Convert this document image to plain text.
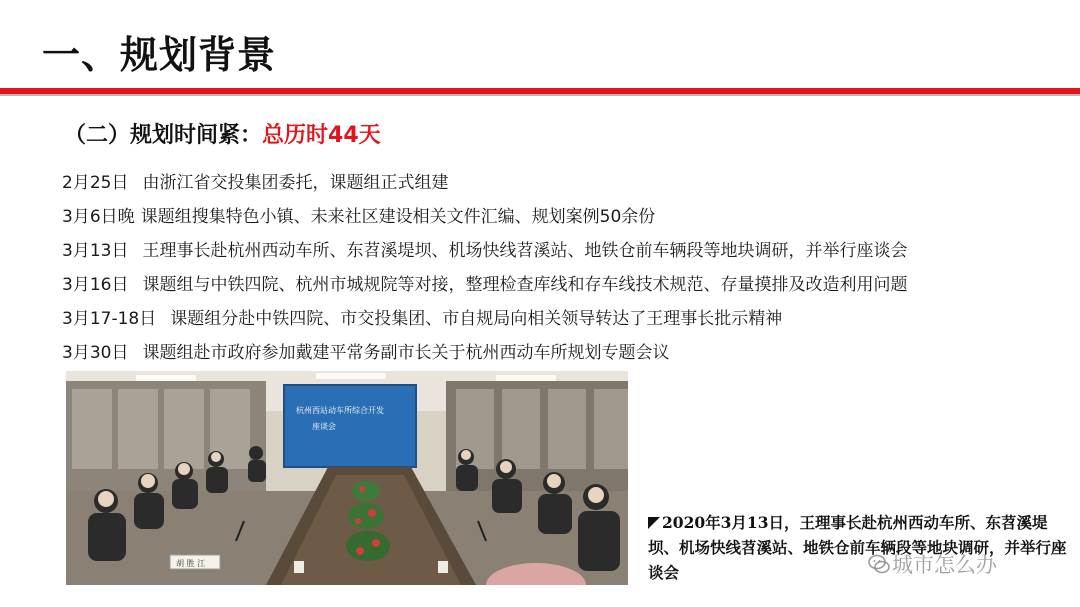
一、规划背景
（二）规划时间紧：总历时44天
2月25日 由浙江省交投集团委托，课题组正式组建
3月6日晚 课题组搜集特色小镇、未来社区建设相关文件汇编、规划案例50余份
3月13日 王理事长赴杭州西动车所、东苕溪堤坝、机场快线苕溪站、地铁仓前车辆段等地块调研，并举行座谈会
3月16日 课题组与中铁四院、杭州市城规院等对接，整理检查库线和存车线技术规范、存量摸排及改造利用问题
3月17-18日 课题组分赴中铁四院、市交投集团、市自规局向相关领导转达了王理事长批示精神
3月30日 课题组赴市政府参加戴建平常务副市长关于杭州西动车所规划专题会议
杭州西站动车所综合开发
座谈会
胡 胜 江
2020年3月13日，王理事长赴杭州西动车所、东苕溪堤坝、机场快线苕溪站、地铁仓前车辆段等地块调研，并举行座谈会	城市怎么办
